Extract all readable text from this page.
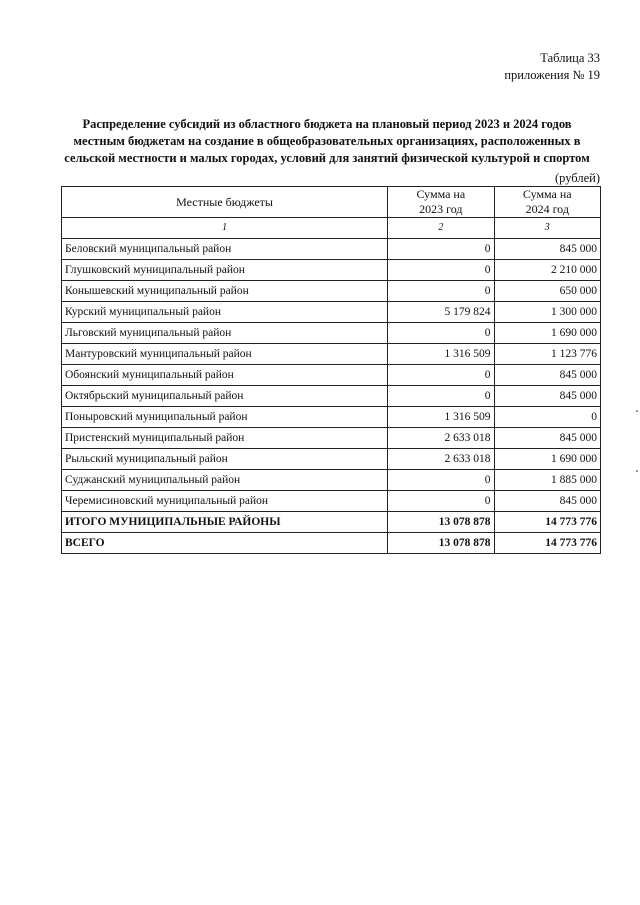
Таблица 33
приложения № 19
Распределение субсидий из областного бюджета на плановый период 2023 и 2024 годов местным бюджетам на создание в общеобразовательных организациях, расположенных в сельской местности и малых городах, условий для занятий физической культурой и спортом
(рублей)
Местные бюджеты	Сумма на 2023 год	Сумма на 2024 год
1	2	3
Беловский муниципальный район	0	845 000
Глушковский муниципальный район	0	2 210 000
Конышевский муниципальный район	0	650 000
Курский муниципальный район	5 179 824	1 300 000
Льговский муниципальный район	0	1 690 000
Мантуровский муниципальный район	1 316 509	1 123 776
Обоянский муниципальный район	0	845 000
Октябрьский муниципальный район	0	845 000
Поныровский муниципальный район	1 316 509	0
Пристенский муниципальный район	2 633 018	845 000
Рыльский муниципальный район	2 633 018	1 690 000
Суджанский муниципальный район	0	1 885 000
Черемисиновский муниципальный район	0	845 000
ИТОГО МУНИЦИПАЛЬНЫЕ РАЙОНЫ	13 078 878	14 773 776
ВСЕГО	13 078 878	14 773 776
